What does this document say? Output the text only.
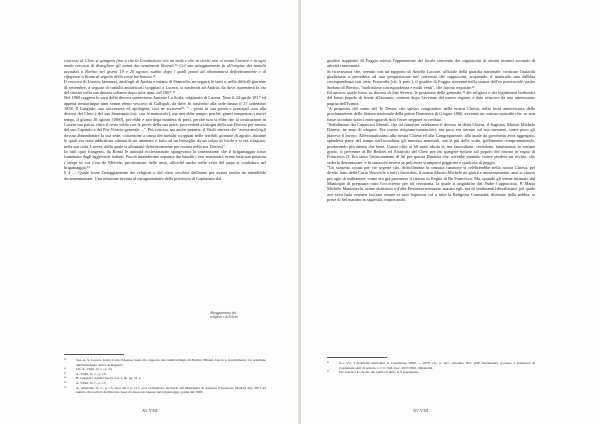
concessi al Clero si spingeva fino a che la Costituzione era un male e che in ciechi non vi erano Cantere e in ogni modo cercava di distogliere gli animi dai sentimenti liberali.¹⁵ Col suo atteggiamento fu all'origine dei tumulti accaduti a Bovino nei giorni 19 e 20 agosto, subito dopo i quali passò ad allontanarsi definitivamente e di rifugiarsi a Roma al seguito della corte borbonica.¹⁶

Il vescovo di Lucera, Iannuzzi, anch'egli di Andria e intimo di Francolla, ne seguirà le sorti e, nelle difficili giornate di settembre, a seguito di tumulti antiofiscali scoppiati a Lucera, si trasferirà ad Andria, da dove riprenderà la via del ritorno nella sua diocesi soltanto dopo sette anni, nel 1867.¹⁷

Nel 1860 reggeva le sorti della diocesi sansevirese Antonio La Scala, originario di Lucera. Nato il 24 aprile 1817 ed appena trentacinque anni venne eletto vescovo di Gallipoli, da dove fu trasferito alla sede dauna il 27 settembre 1858. Il Gargiulo, suo successore ed apologeta, così ne scriveva¹⁸: "... posto in sua prima e principal cura alla diocesi del Clero e del suo Seminario [sic, con le maiuscole]; ma non ebbe tempo, perché, giunti tempestosi i nuovi tempi, il giorno 16 agosto [1860], per ebbe e sacrilega maniera di preti, perché non si ebbe che la costituzione in Lucera sua patria, ritirò il cesto solito con le prove della sua pietà, provvederà a bisogni della sua Diocesi per mezzo del suo Capitolo e del Pro-Vicario-generale ...". Più concisa, ma anche pesante, il Vitali sincera che "aveva anch'egli dovuto abbandonare la sua sede, costrettone a causa dei tumulti scoppiati nelle terribili giornate di agosto, durante le quali era stata addirittura vittima di un attentato e fatto ad un bersaglio da un colpo di fucile e si era rifugiato, nella sua città, Lucera, dalla quale si allontanò definitivamente per recarsi nella sua Diocesi".

In tutti quei frangenti, da Roma le autorità ecclesiastiche spargevano la convinzione che il brigantaggio fosse fomentato dagli aggressori italiani. Perciò intendevano separare dai banditi i veri reazionari; erano tutte sua passioni i tempi in cui c'era de Mérode, pro-ministro delle armi, allorché anche nelle vesti del papa si confidava nel brigantaggio.¹⁹

§ 4 — Quale fosse l'atteggiamento dei religiosi e del clero secolare dall'anno più avanti risulta da attendibile documentazione. Una relazione inviata al risorgimentaire della provincia di Capitanata dal

Atteggiamento dei religiosi e del clero
¹⁵	Sez. A. S. Lucera, fondo Corte d'Assise, busta 10, rapporto del Giudice Regio di Bovino; Bisleri, fascio 1, incartamento 14, relazione dell'Intendente dauca di Bugarèl.
¹⁶	Cfr. A. Vitali, O. c., p. 14.
¹⁷	A. Vitali, O. c., p. 16.
¹⁸	B. Gargiulo, Apulia Sacra, vol. I, ab. pp. 5f, s.
¹⁹	A. Vitali, O. c., p. 15.
²⁰	A. Albertini, O. c., p. 15, nota 49 a p. 117, ov'è richiamato: Archivio del Ministerio di Asuntos Exteriores, Madrid, leg. 2671 ad nunzio che rachi il de Mérode causò di essere un fautore del brigantaggio prima del 1865.
XCVIII

giudice supplente di Foggia attesta l'opposizione del locale convento dei cappuccini di alcuni monaci accusati di attività reazionaria.

Si ricostruisca che, avendo con un rapporto di Aniello Lacorte, ufficiale della guardia nazionale, costituto l'autorità giudiziaria a procedere ad una perquisizione nel convento dei cappuccini, scoprendo il materiale una dalbbia corrispondenza con certo Francolla (cfr. § prec.), il giudice di Foggia rinvenne nella stanza dell'ex provinciale, padre Stefano di Bovino, "moltissime corrispondenza e molti venti", che furono requisite.²¹

Ed ancora: quale fosse, in diocesi di San Severo, la posizione della generale,²² dei religiosi e dei legittimisti borbonici del basso popolo di fronte all'assunto, creatosi dopo l'avvento del nuovo regime, è dato evincere da una interessante pagina dell'Ivinici:

"A proposito del canto del Te Deum, che spesso congiuntivo nella nostra Chiesa, nella festa anniversaria della proclamazione dello Statuto nazionale della prima Domenica di Giugno 1866, avvenne un curioso episodio che, se non fosse accaduto sotto i miei sguardi, non l'avrei neppure io creduto.

"Stabilimmo dai Capuccini liberali, che tal funzione celebrasse il devoso in detta Chiesa, il Sagrista, Mastro Michele Danese, ne anso di ufogare. Era contro avigiano-monarchici, ma poco era veruno sul suo mestiere, come poco gli piaceva il lavoro. Affezionatissimo alla nostra Chiesa ed alla Congregazione, alla quale da giovinetto avea aggregato, spendeva parte del tempo nell'accudirne gli interessi materiali, ma il più delle volte, goffamente compromettendo, producendo più danno che bene. Uomo oltre ai 60 anni, idiota sì, ma fanciullone, credulone, fanatissimo in somma grado, si pervenne al Re Redirei ed Alstricati del Clero per far spargere notizie sul popolo del ritorno in regno di Francesco II. Era tanto l'attaccamento di lui per questa Dinastia che, avrebbe piantato volare perdere un occhio, che vederla detronizzare: e fù miracolo invece se pub esser scamparsi peggiorie e qualcosa di peggio.

"Un sospetto costui per vie segrete che, difficilmente la censura funzione si celebrerebbe nella nostra Chiesa, pel diretto fatto della Curia Vescovile a tutti i Sacerdoti, il nostro Mastro Michele no gioirà e immensamente, anzi si chiuso più agio di militanteri, come era già promesso il ritorno in Regno di Re Francesco. Ma, quando gli venne intimato dal Municipio di preparare tutto l'occorrente per tal cerimonia, la quale si ungiubilse dal Padre Cappuccino, P. Maria Michele Mancinechi, uomo dottisimo e d'alta Premessa memoria; mastro egli, ma dì sentimenti liberalissimi, pel quale ave avea fatto vermeri lasciare senare ai suoi Superiori col a tutta la Religiosa Comunità; divenuto dalla nebbia, si prese di bel mattino in sagrestia, imprecando,

²¹	A.s. Vv., I problemi dell'Unità in Capitanata, 1860 — 1870, cit., p. 227, schedino 301: ASF, Intendenza, governo e prefettura di Capitanata, Atti di polizia, s. I, b. 190, fasc. 2057/1861, Mirabella.
²²	Per volere a La Scala, dai quali c'è detto al § precedente.
XCVIII
